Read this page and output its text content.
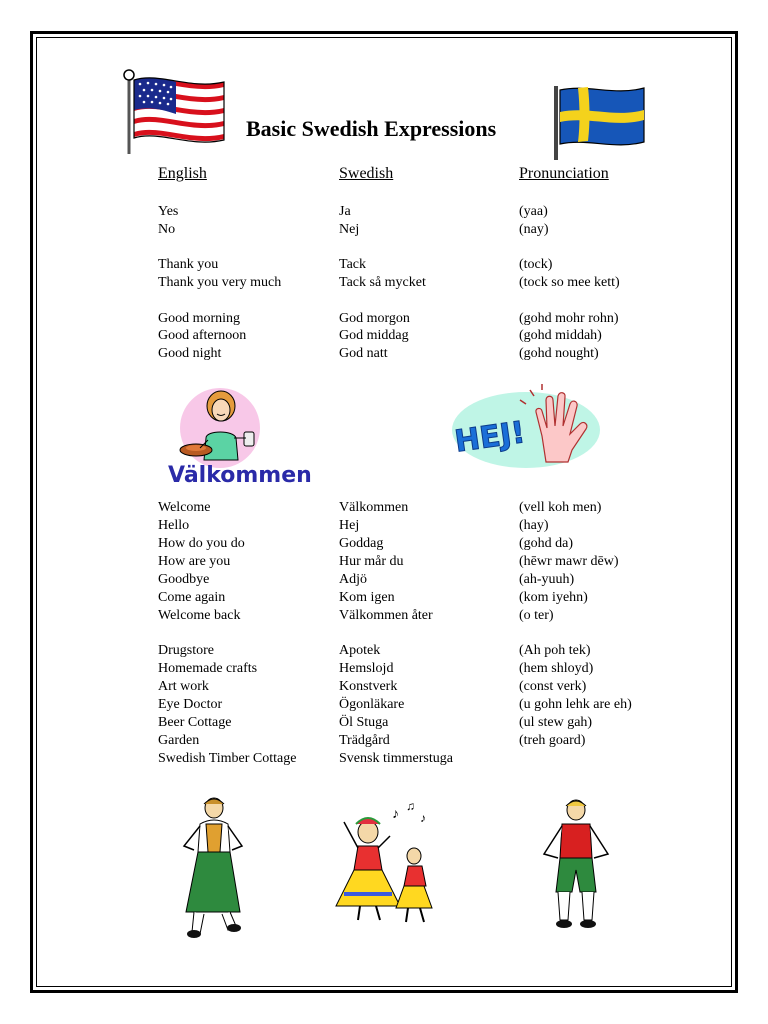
Basic Swedish Expressions
English	Swedish	Pronunciation
Yes	Ja	(yaa)
No	Nej	(nay)
Thank you	Tack	(tock)
Thank you very much	Tack så mycket	(tock so mee kett)
Good morning	God morgon	(gohd mohr rohn)
Good afternoon	God middag	(gohd middah)
Good night	God natt	(gohd nought)
Välkommen
HEJ!
Welcome	Välkommen	(vell koh men)
Hello	Hej	(hay)
How do you do	Goddag	(gohd da)
How are you	Hur mår du	(hēwr mawr dēw)
Goodbye	Adjö	(ah-yuuh)
Come again	Kom igen	(kom iyehn)
Welcome back	Välkommen åter	(o ter)
Drugstore	Apotek	(Ah poh tek)
Homemade crafts	Hemslojd	(hem shloyd)
Art work	Konstverk	(const verk)
Eye Doctor	Ögonläkare	(u gohn lehk are eh)
Beer Cottage	Öl Stuga	(ul stew gah)
Garden	Trädgård	(treh goard)
Swedish Timber Cottage	Svensk timmerstuga
♪
♫
♪
